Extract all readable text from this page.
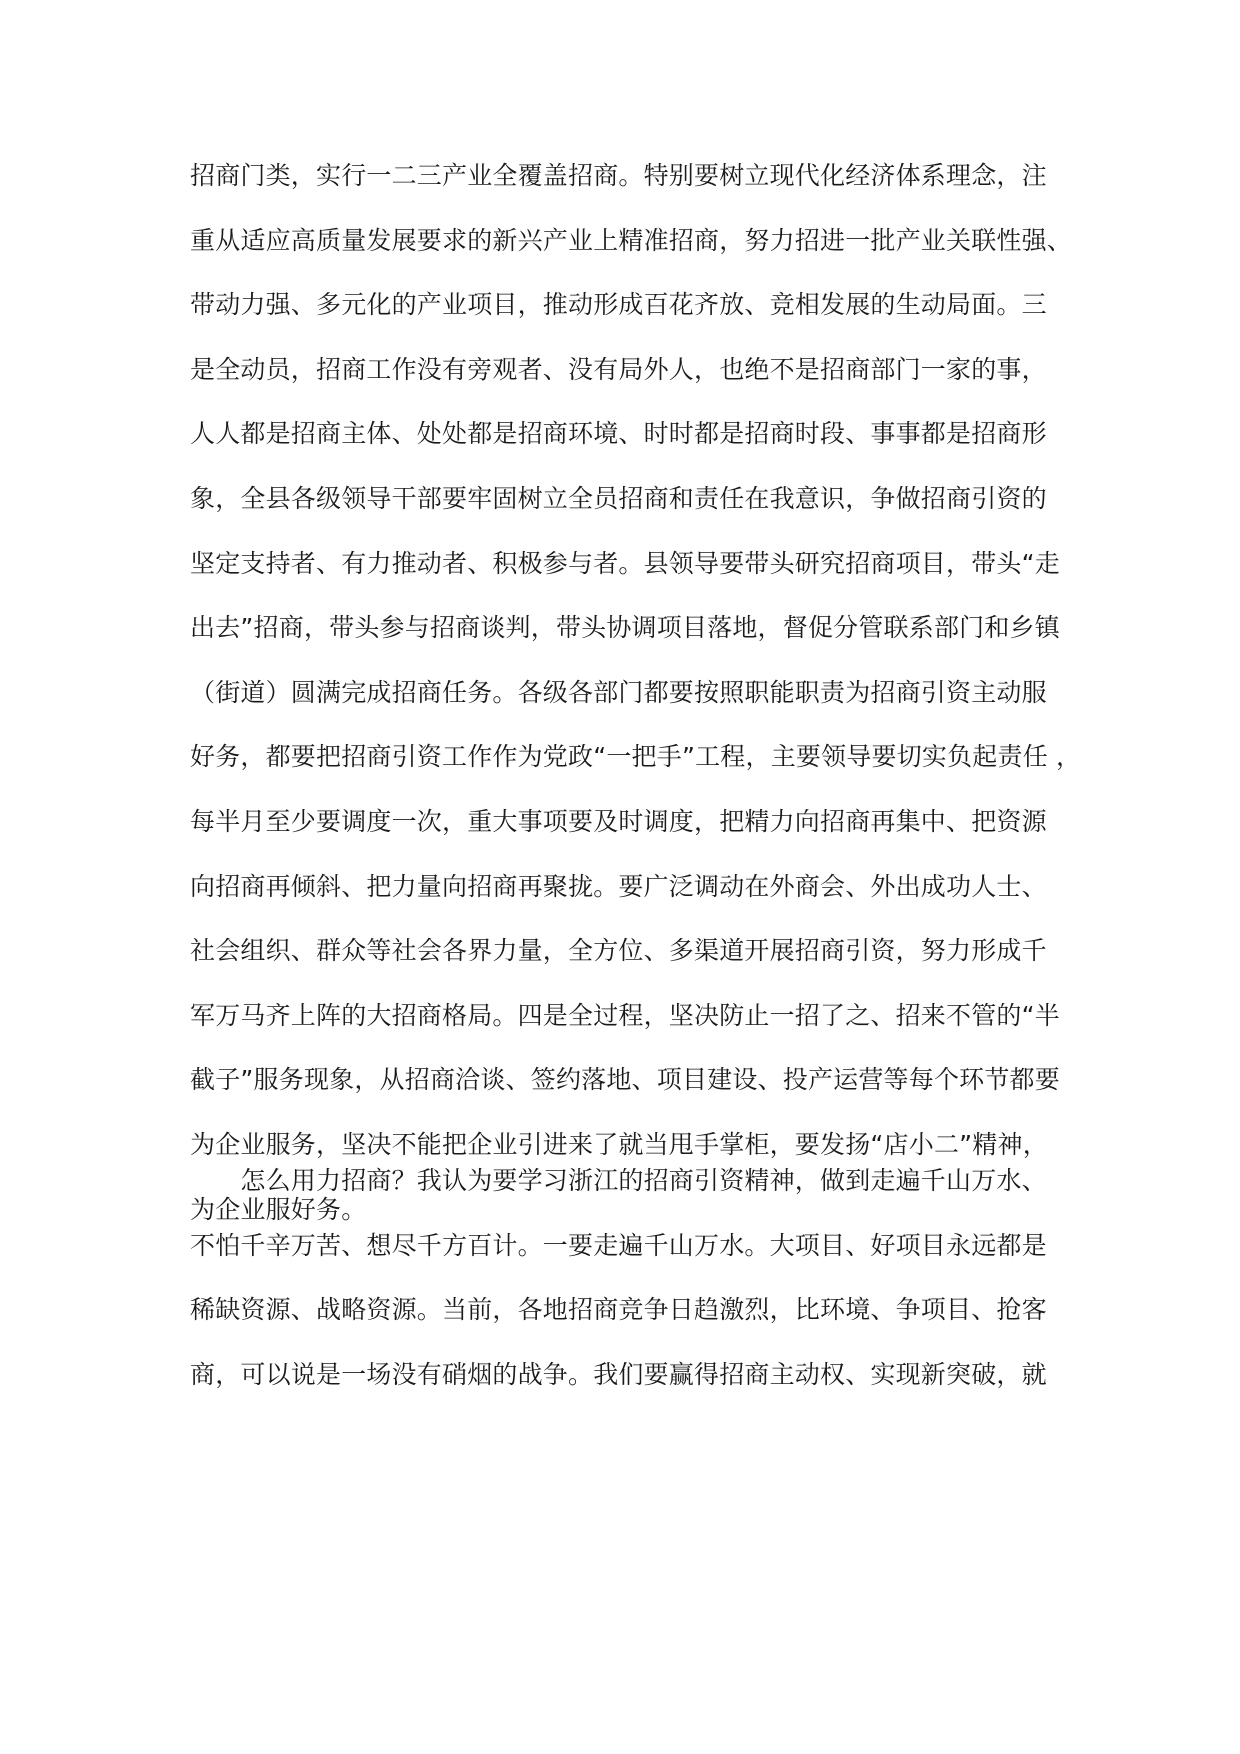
招商门类，实行一二三产业全覆盖招商。特别要树立现代化经济体系理念，注
重从适应高质量发展要求的新兴产业上精准招商，努力招进一批产业关联性强、
带动力强、多元化的产业项目，推动形成百花齐放、竞相发展的生动局面。三
是全动员，招商工作没有旁观者、没有局外人，也绝不是招商部门一家的事，
人人都是招商主体、处处都是招商环境、时时都是招商时段、事事都是招商形
象，全县各级领导干部要牢固树立全员招商和责任在我意识，争做招商引资的
坚定支持者、有力推动者、积极参与者。县领导要带头研究招商项目，带头“走
出去”招商，带头参与招商谈判，带头协调项目落地，督促分管联系部门和乡镇
（街道）圆满完成招商任务。各级各部门都要按照职能职责为招商引资主动服
好务，都要把招商引资工作作为党政“一把手”工程，主要领导要切实负起责任 ，
每半月至少要调度一次，重大事项要及时调度，把精力向招商再集中、把资源
向招商再倾斜、把力量向招商再聚拢。要广泛调动在外商会、外出成功人士、
社会组织、群众等社会各界力量，全方位、多渠道开展招商引资，努力形成千
军万马齐上阵的大招商格局。四是全过程，坚决防止一招了之、招来不管的“半
截子”服务现象，从招商洽谈、签约落地、项目建设、投产运营等每个环节都要
为企业服务，坚决不能把企业引进来了就当甩手掌柜，要发扬“店小二”精神，
为企业服好务。
　　怎么用力招商？我认为要学习浙江的招商引资精神，做到走遍千山万水、
不怕千辛万苦、想尽千方百计。一要走遍千山万水。大项目、好项目永远都是
稀缺资源、战略资源。当前，各地招商竞争日趋激烈，比环境、争项目、抢客
商，可以说是一场没有硝烟的战争。我们要赢得招商主动权、实现新突破，就
